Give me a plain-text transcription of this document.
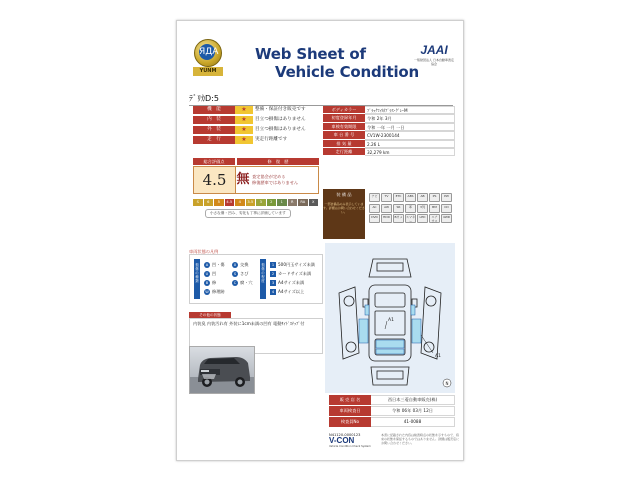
ЯДА
YUNM
Web Sheet of
Vehicle Condition
JAAI
一般財団法人 日本自動車査定協会
ﾃﾞﾘｶD:5
機　能	★	整備・保証付き販売です
内　装	★	目立つ損傷はありません
外　装	★	目立つ損傷はありません
走　行	★	実走行距離です
ボディカラー	ﾌﾞﾗｯｸﾏｲｶ/ﾌﾞﾗｽ･ｸﾞﾚｰM
初度登録年月	令和 2年 3月
車検有効期限	令和 一年 一月 一日
車 台 番 号	CV1W-2300144
排 気 量	2.26 L
走行距離	32,279 km
総合評価点	修　復　歴
4.5 無 査定協会が定める
修復歴車ではありません
S	6	5	4.5	4	3.5	3	2	1	R	RA	X
小さな傷・凹み、劣化も丁寧に評価しています
装 備 品
一部装備品のみ表示しています。詳細はお問い合わせください。
ナビ	TV	ETC	ABS	AB	PS	PW
AC	AW	SR	革	3列	BM	CD
DVD	HDD	Bカメ	スマキー
LED	エアサス
4WD
車両状態の凡例
損傷の種類
損傷の程度
A 凹・傷
U 凹
B 修
W 修理跡
X 交換
S さび
C 腐・穴
1 500円玉サイズ未満
2 カードサイズ未満
3 A4サイズ未満
4 A4サイズ以上
その他の状態
内装臭 内装汚れ有 外装に1cm未満の凹有 電動ｻｲﾄﾞｽﾃｯﾌﾟ付
N
A1
A1
販 売 店 名	西日本三菱自動車販売(株)
車両検査日	令和 06年 03月 12日
検査員No	41-0088
N41120-0000123
V-CON
Vehicle Condition Check System
本書に記載された内容は検査時点の状態を示すもので、将来の状態を保証するものではありません。詳細は販売店にお問い合わせください。
